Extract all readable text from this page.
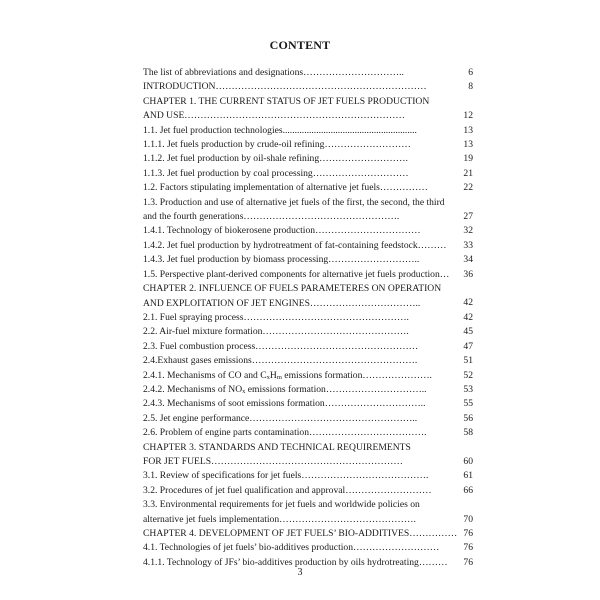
CONTENT
The list of abbreviations and designations…………………………..	6
INTRODUCTION…………………………………………………………	8
CHAPTER 1. THE CURRENT STATUS OF JET FUELS PRODUCTION
AND USE……………………………………………………………	12
1.1. Jet fuel production technologies........................................................	13
1.1.1. Jet fuels production by crude-oil refining………………………	13
1.1.2. Jet fuel production by oil-shale refining……………………….	19
1.1.3. Jet fuel production by coal processing…………………………	21
1.2. Factors stipulating implementation of alternative jet fuels……………	22
1.3. Production and use of alternative jet fuels of the first, the second, the third
and the fourth generations………………………………………….	27
1.4.1. Technology of biokerosene production……………………………	32
1.4.2. Jet fuel production by hydrotreatment of fat-containing feedstock………	33
1.4.3. Jet fuel production by biomass processing………………………..	34
1.5. Perspective plant-derived components for alternative jet fuels production…	36
CHAPTER 2. INFLUENCE OF FUELS PARAMETERES ON OPERATION
AND EXPLOITATION OF JET ENGINES……………………………..	42
2.1. Fuel spraying process…………………………………………….	42
2.2. Air-fuel mixture formation……………………………………….	45
2.3. Fuel combustion process……………………………………………	47
2.4.Exhaust gases emissions…………………………………………….	51
2.4.1. Mechanisms of CO and $C_xH_m$ emissions formation………………….	52
2.4.2. Mechanisms of $NO_x$ emissions formation…………………………..	53
2.4.3. Mechanisms of soot emissions formation…………………………..	55
2.5. Jet engine performance……………………………………………..	56
2.6. Problem of engine parts contamination……………………………….	58
CHAPTER 3. STANDARDS AND TECHNICAL REQUIREMENTS
FOR JET FUELS……………………………………………………	60
3.1. Review of specifications for jet fuels………………………………….	61
3.2. Procedures of jet fuel qualification and approval………………………	66
3.3. Environmental requirements for jet fuels and worldwide policies on
alternative jet fuels implementation…………………………………….	70
CHAPTER 4. DEVELOPMENT OF JET FUELS’ BIO-ADDITIVES…………… 76
4.1. Technologies of jet fuels’ bio-additives production………………………	76
4.1.1. Technology of JFs’ bio-additives production by oils hydrotreating………	76
3
